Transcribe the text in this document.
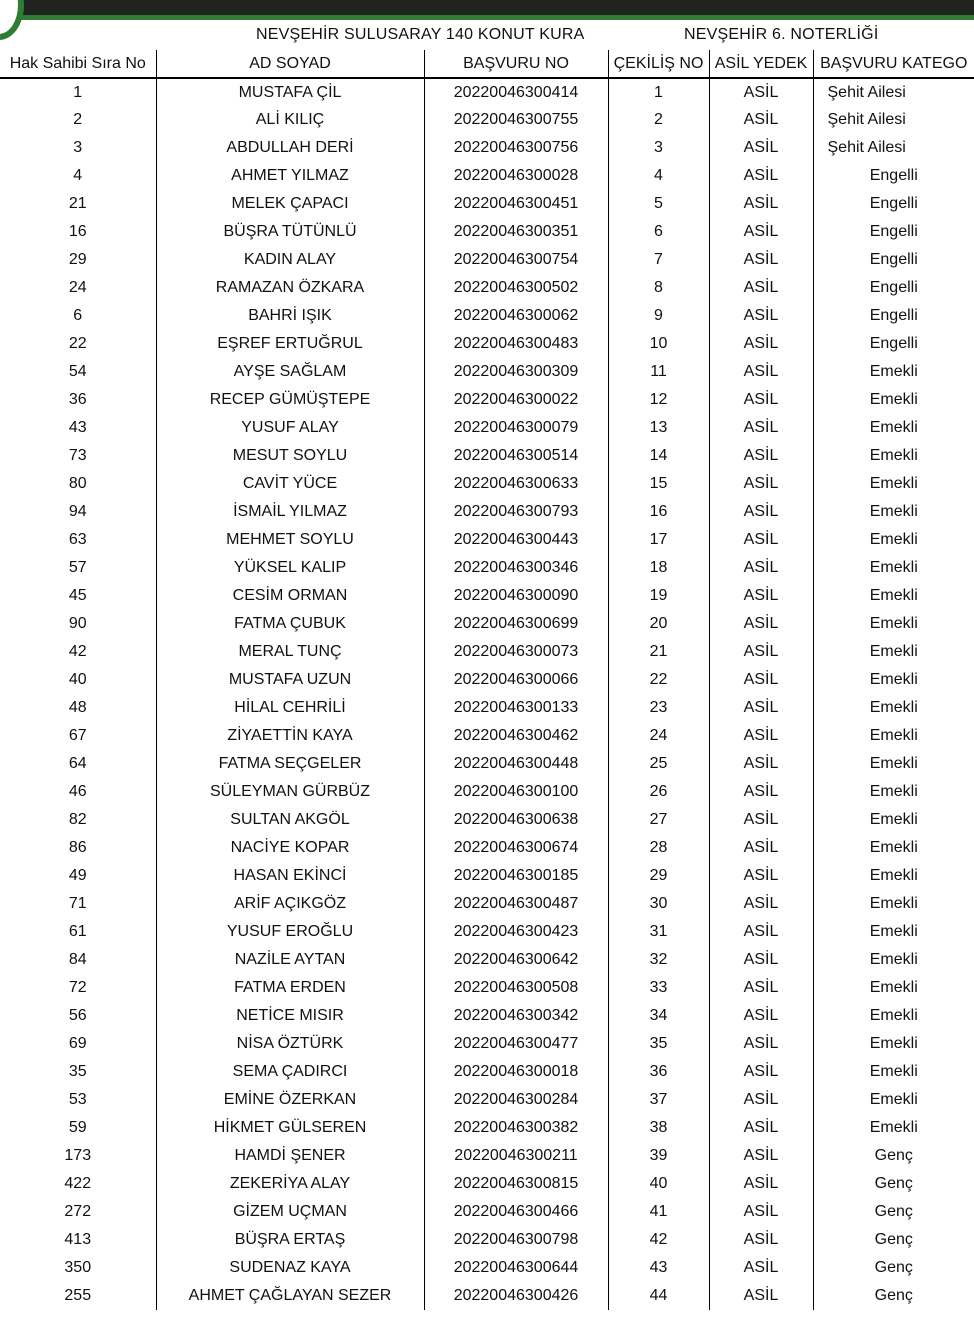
NEVŞEHİR SULUSARAY 140 KONUT KURA	NEVŞEHİR 6. NOTERLİĞİ
Hak Sahibi Sıra No	AD SOYAD	BAŞVURU NO	ÇEKİLİŞ NO	ASİL YEDEK	BAŞVURU KATEGO
1	MUSTAFA ÇİL	20220046300414	1	ASİL	Şehit Ailesi
2	ALİ KILIÇ	20220046300755	2	ASİL	Şehit Ailesi
3	ABDULLAH DERİ	20220046300756	3	ASİL	Şehit Ailesi
4	AHMET YILMAZ	20220046300028	4	ASİL	Engelli
21	MELEK ÇAPACI	20220046300451	5	ASİL	Engelli
16	BÜŞRA TÜTÜNLÜ	20220046300351	6	ASİL	Engelli
29	KADIN ALAY	20220046300754	7	ASİL	Engelli
24	RAMAZAN ÖZKARA	20220046300502	8	ASİL	Engelli
6	BAHRİ IŞIK	20220046300062	9	ASİL	Engelli
22	EŞREF ERTUĞRUL	20220046300483	10	ASİL	Engelli
54	AYŞE SAĞLAM	20220046300309	11	ASİL	Emekli
36	RECEP GÜMÜŞTEPE	20220046300022	12	ASİL	Emekli
43	YUSUF ALAY	20220046300079	13	ASİL	Emekli
73	MESUT SOYLU	20220046300514	14	ASİL	Emekli
80	CAVİT YÜCE	20220046300633	15	ASİL	Emekli
94	İSMAİL YILMAZ	20220046300793	16	ASİL	Emekli
63	MEHMET SOYLU	20220046300443	17	ASİL	Emekli
57	YÜKSEL KALIP	20220046300346	18	ASİL	Emekli
45	CESİM ORMAN	20220046300090	19	ASİL	Emekli
90	FATMA ÇUBUK	20220046300699	20	ASİL	Emekli
42	MERAL TUNÇ	20220046300073	21	ASİL	Emekli
40	MUSTAFA UZUN	20220046300066	22	ASİL	Emekli
48	HİLAL CEHRİLİ	20220046300133	23	ASİL	Emekli
67	ZİYAETTİN KAYA	20220046300462	24	ASİL	Emekli
64	FATMA SEÇGELER	20220046300448	25	ASİL	Emekli
46	SÜLEYMAN GÜRBÜZ	20220046300100	26	ASİL	Emekli
82	SULTAN AKGÖL	20220046300638	27	ASİL	Emekli
86	NACİYE KOPAR	20220046300674	28	ASİL	Emekli
49	HASAN EKİNCİ	20220046300185	29	ASİL	Emekli
71	ARİF AÇIKGÖZ	20220046300487	30	ASİL	Emekli
61	YUSUF EROĞLU	20220046300423	31	ASİL	Emekli
84	NAZİLE AYTAN	20220046300642	32	ASİL	Emekli
72	FATMA ERDEN	20220046300508	33	ASİL	Emekli
56	NETİCE MISIR	20220046300342	34	ASİL	Emekli
69	NİSA ÖZTÜRK	20220046300477	35	ASİL	Emekli
35	SEMA ÇADIRCI	20220046300018	36	ASİL	Emekli
53	EMİNE ÖZERKAN	20220046300284	37	ASİL	Emekli
59	HİKMET GÜLSEREN	20220046300382	38	ASİL	Emekli
173	HAMDİ ŞENER	20220046300211	39	ASİL	Genç
422	ZEKERİYA ALAY	20220046300815	40	ASİL	Genç
272	GİZEM UÇMAN	20220046300466	41	ASİL	Genç
413	BÜŞRA ERTAŞ	20220046300798	42	ASİL	Genç
350	SUDENAZ KAYA	20220046300644	43	ASİL	Genç
255	AHMET ÇAĞLAYAN SEZER	20220046300426	44	ASİL	Genç
